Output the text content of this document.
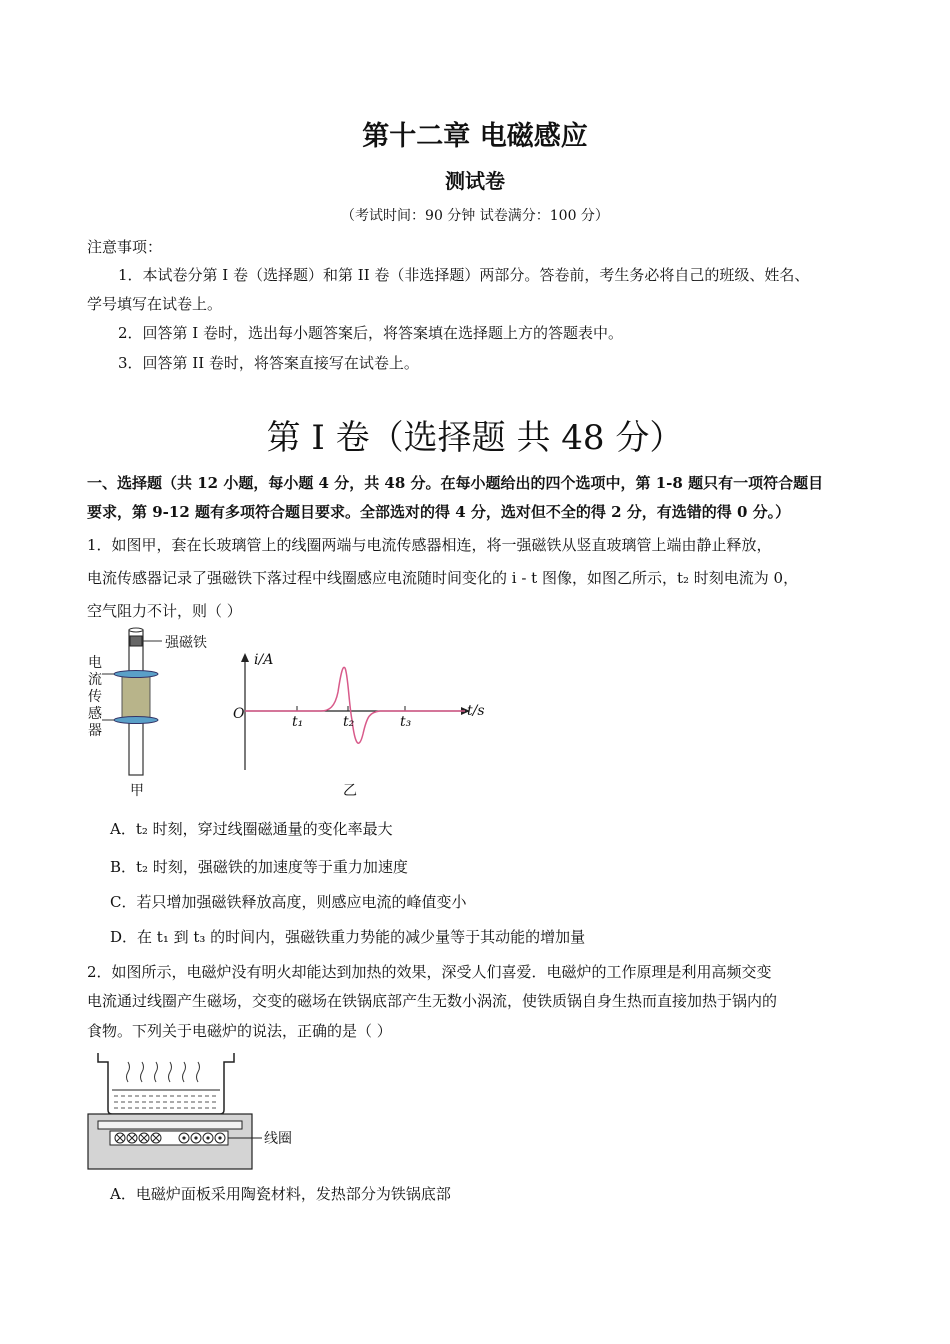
第十二章 电磁感应
测试卷
（考试时间：90 分钟 试卷满分：100 分）
注意事项：
1．本试卷分第 I 卷（选择题）和第 II 卷（非选择题）两部分。答卷前，考生务必将自己的班级、姓名、
学号填写在试卷上。
2．回答第 I 卷时，选出每小题答案后，将答案填在选择题上方的答题表中。
3．回答第 II 卷时，将答案直接写在试卷上。
第 I 卷（选择题 共 48 分）
一、选择题（共 12 小题，每小题 4 分，共 48 分。在每小题给出的四个选项中，第 1-8 题只有一项符合题目
要求，第 9-12 题有多项符合题目要求。全部选对的得 4 分，选对但不全的得 2 分，有选错的得 0 分。）
1．如图甲，套在长玻璃管上的线圈两端与电流传感器相连，将一强磁铁从竖直玻璃管上端由静止释放，
电流传感器记录了强磁铁下落过程中线圈感应电流随时间变化的 i - t 图像，如图乙所示，t₂ 时刻电流为 0，
空气阻力不计，则（ ）
强磁铁
电
流
传
感
器
甲
i/A
t/s
O	t₁	t₂	t₃
乙
A．t₂ 时刻，穿过线圈磁通量的变化率最大
B．t₂ 时刻，强磁铁的加速度等于重力加速度
C．若只增加强磁铁释放高度，则感应电流的峰值变小
D．在 t₁ 到 t₃ 的时间内，强磁铁重力势能的减少量等于其动能的增加量
2．如图所示，电磁炉没有明火却能达到加热的效果，深受人们喜爱．电磁炉的工作原理是利用高频交变
电流通过线圈产生磁场，交变的磁场在铁锅底部产生无数小涡流，使铁质锅自身生热而直接加热于锅内的
食物。下列关于电磁炉的说法，正确的是（ ）
线圈
A．电磁炉面板采用陶瓷材料，发热部分为铁锅底部
